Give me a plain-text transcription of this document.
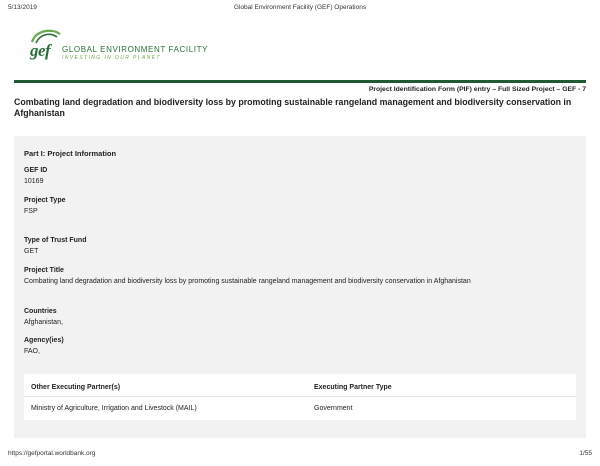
5/13/2019	Global Environment Facility (GEF) Operations
gef GLOBAL ENVIRONMENT FACILITY
INVESTING IN OUR PLANET
Project Identification Form (PIF) entry – Full Sized Project – GEF - 7
Combating land degradation and biodiversity loss by promoting sustainable rangeland management and biodiversity conservation in Afghanistan
Part I: Project Information
GEF ID
10169
Project Type
FSP
Type of Trust Fund
GET
Project Title
Combating land degradation and biodiversity loss by promoting sustainable rangeland management and biodiversity conservation in Afghanistan
Countries
Afghanistan,
Agency(ies)
FAO,
Other Executing Partner(s)	Executing Partner Type
Ministry of Agriculture, Irrigation and Livestock (MAIL)	Government
https://gefportal.worldbank.org	1/55
